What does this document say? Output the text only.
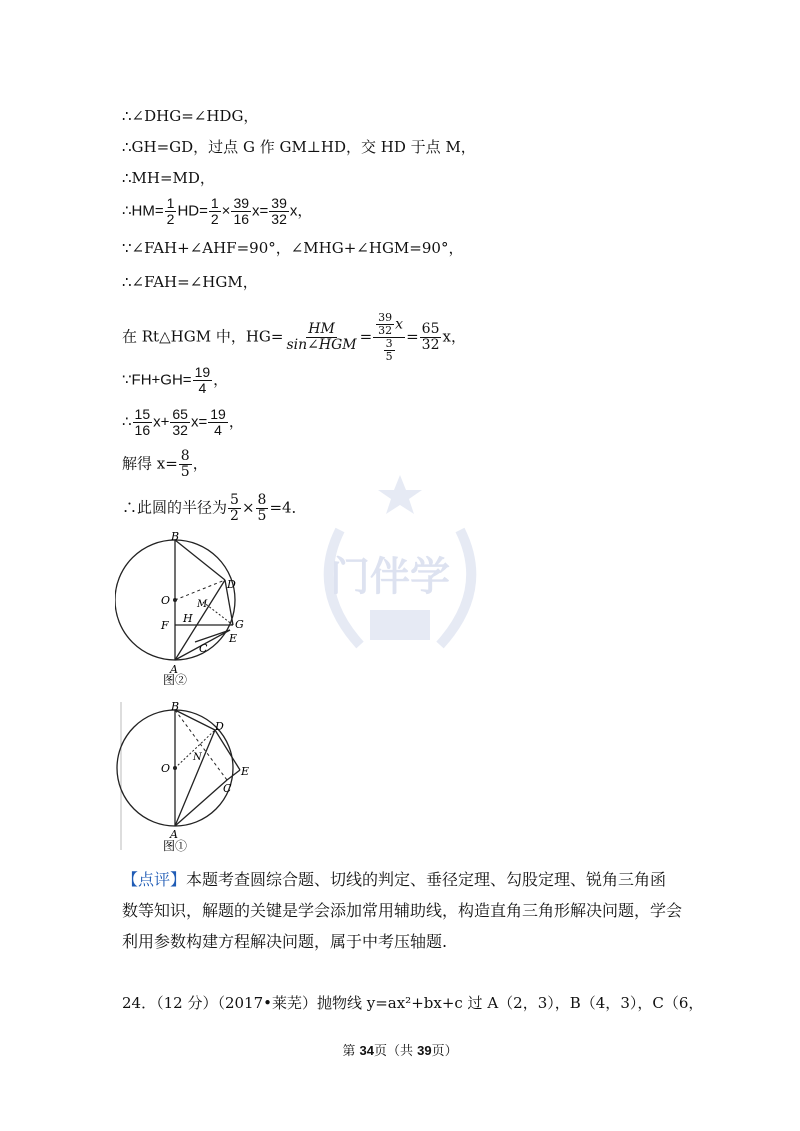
门伴学
∴∠DHG=∠HDG，
∴GH=GD，过点 G 作 GM⊥HD，交 HD 于点 M，
∴MH=MD，
∴HM= $\frac{1}{2} HD= \frac{1}{2} \times \frac{39}{16} x= \frac{39}{32}$ x，
∵∠FAH+∠AHF=90°，∠MHG+∠HGM=90°，
∴∠FAH=∠HGM，
在 Rt△HGM 中，$HG= \frac{HM}{\text{sin∠HGM}} = \frac{\frac{39}{32} x}{\frac{3}{5}} = \frac{65}{32}$ x，
∵FH+GH= $\frac{19}{4}$ ，
∴ $\frac{15}{16} x+ \frac{65}{32} x= \frac{19}{4}$ ，
解得 $x= \frac{8}{5}$ ，
∴此圆的半径为 $\frac{5}{2} \times \frac{8}{5} =4$．
B
D
O	M
H	G
F
E
C
A
图②
B
D
O
N
E
C
A
图①
【点评】本题考查圆综合题、切线的判定、垂径定理、勾股定理、锐角三角函数等知识，解题的关键是学会添加常用辅助线，构造直角三角形解决问题，学会利用参数构建方程解决问题，属于中考压轴题.
24．（12 分）（2017•莱芜）抛物线 y=ax²+bx+c 过 A（2，3），B（4，3），C（6，
第 34页（共 39页）
